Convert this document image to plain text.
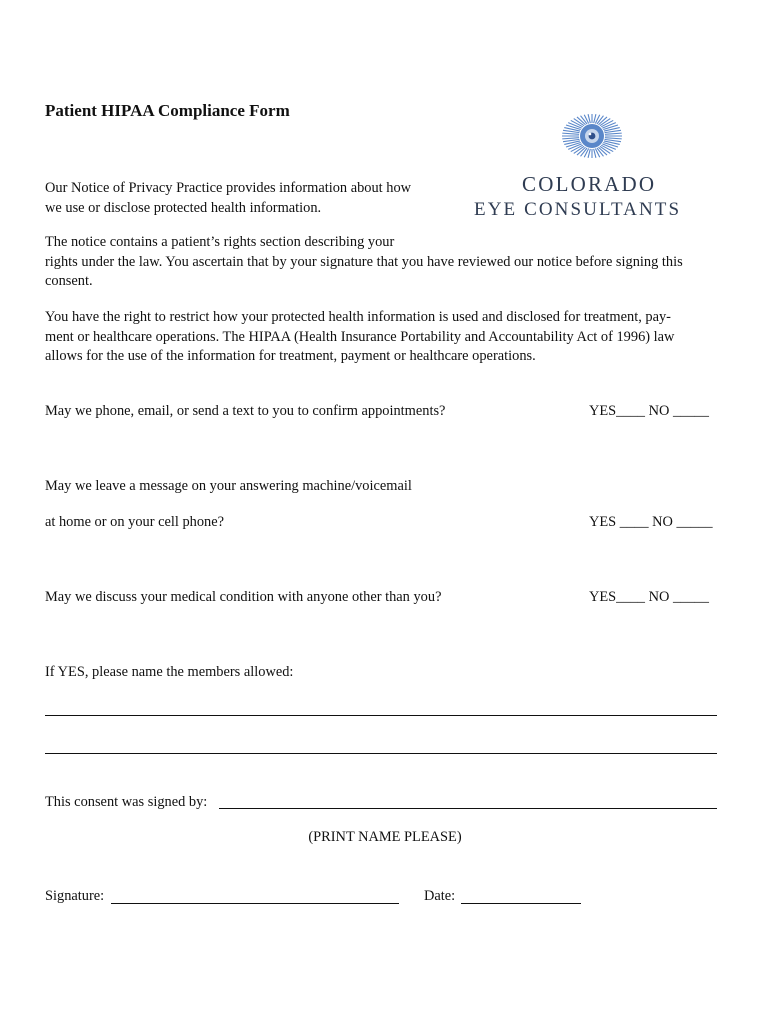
Patient HIPAA Compliance Form
COLORADO
EYE CONSULTANTS
Our Notice of Privacy Practice provides information about how
we use or disclose protected health information.
The notice contains a patient’s rights section describing your
rights under the law. You ascertain that by your signature that you have reviewed our notice before signing this
consent.
You have the right to restrict how your protected health information is used and disclosed for treatment, pay-
ment or healthcare operations. The HIPAA (Health Insurance Portability and Accountability Act of 1996) law
allows for the use of the information for treatment, payment or healthcare operations.
May we phone, email, or send a text to you to confirm appointments?	YES____ NO _____
May we leave a message on your answering machine/voicemail
at home or on your cell phone?	YES ____ NO _____
May we discuss your medical condition with anyone other than you?	YES____ NO _____
If YES, please name the members allowed:
This consent was signed by:
(PRINT NAME PLEASE)
Signature:	Date:
